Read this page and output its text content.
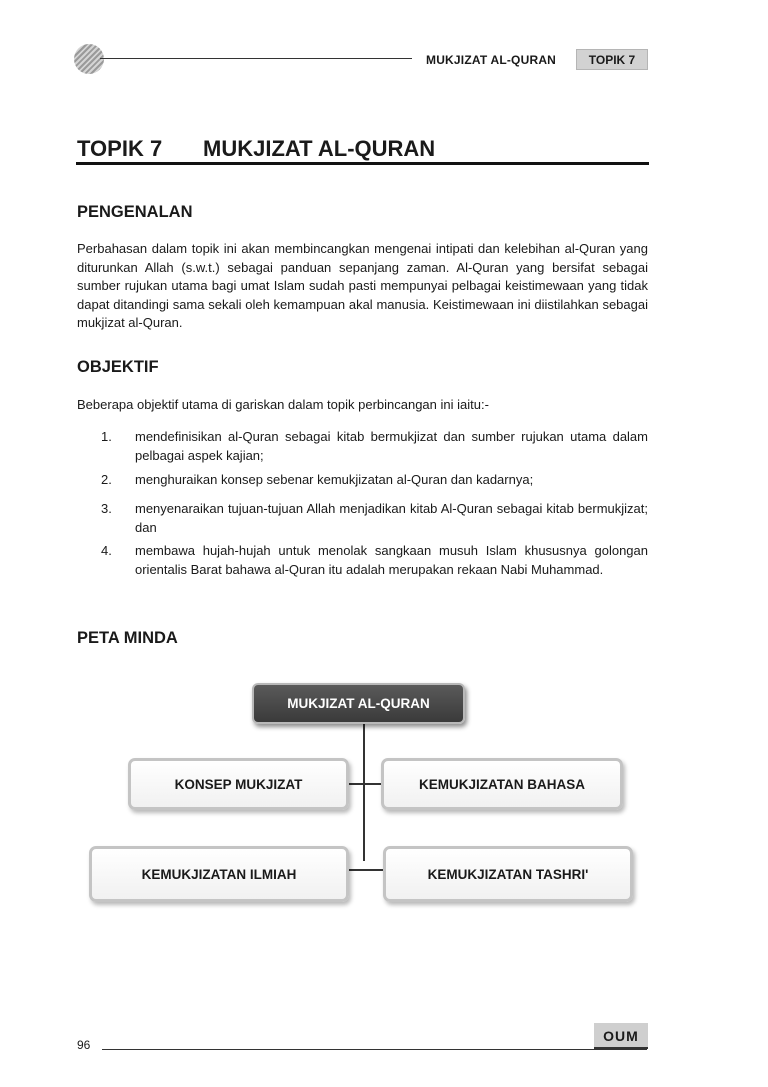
MUKJIZAT AL-QURAN	TOPIK 7
TOPIK 7 MUKJIZAT AL-QURAN
PENGENALAN

Perbahasan dalam topik ini akan membincangkan mengenai intipati dan kelebihan al-Quran yang diturunkan Allah (s.w.t.) sebagai panduan sepanjang zaman. Al-Quran yang bersifat sebagai sumber rujukan utama bagi umat Islam sudah pasti mempunyai pelbagai keistimewaan yang tidak dapat ditandingi sama sekali oleh kemampuan akal manusia. Keistimewaan ini diistilahkan sebagai mukjizat al-Quran.

OBJEKTIF

Beberapa objektif utama di gariskan dalam topik perbincangan ini iaitu:-

1. mendefinisikan al-Quran sebagai kitab bermukjizat dan sumber rujukan utama dalam pelbagai aspek kajian;
2. menghuraikan konsep sebenar kemukjizatan al-Quran dan kadarnya;
3. menyenaraikan tujuan-tujuan Allah menjadikan kitab Al-Quran sebagai kitab bermukjizat; dan
4. membawa hujah-hujah untuk menolak sangkaan musuh Islam khususnya golongan orientalis Barat bahawa al-Quran itu adalah merupakan rekaan Nabi Muhammad.
PETA MINDA
MUKJIZAT AL-QURAN
KONSEP MUKJIZAT	KEMUKJIZATAN BAHASA
KEMUKJIZATAN ILMIAH	KEMUKJIZATAN TASHRI'
96
OUM
